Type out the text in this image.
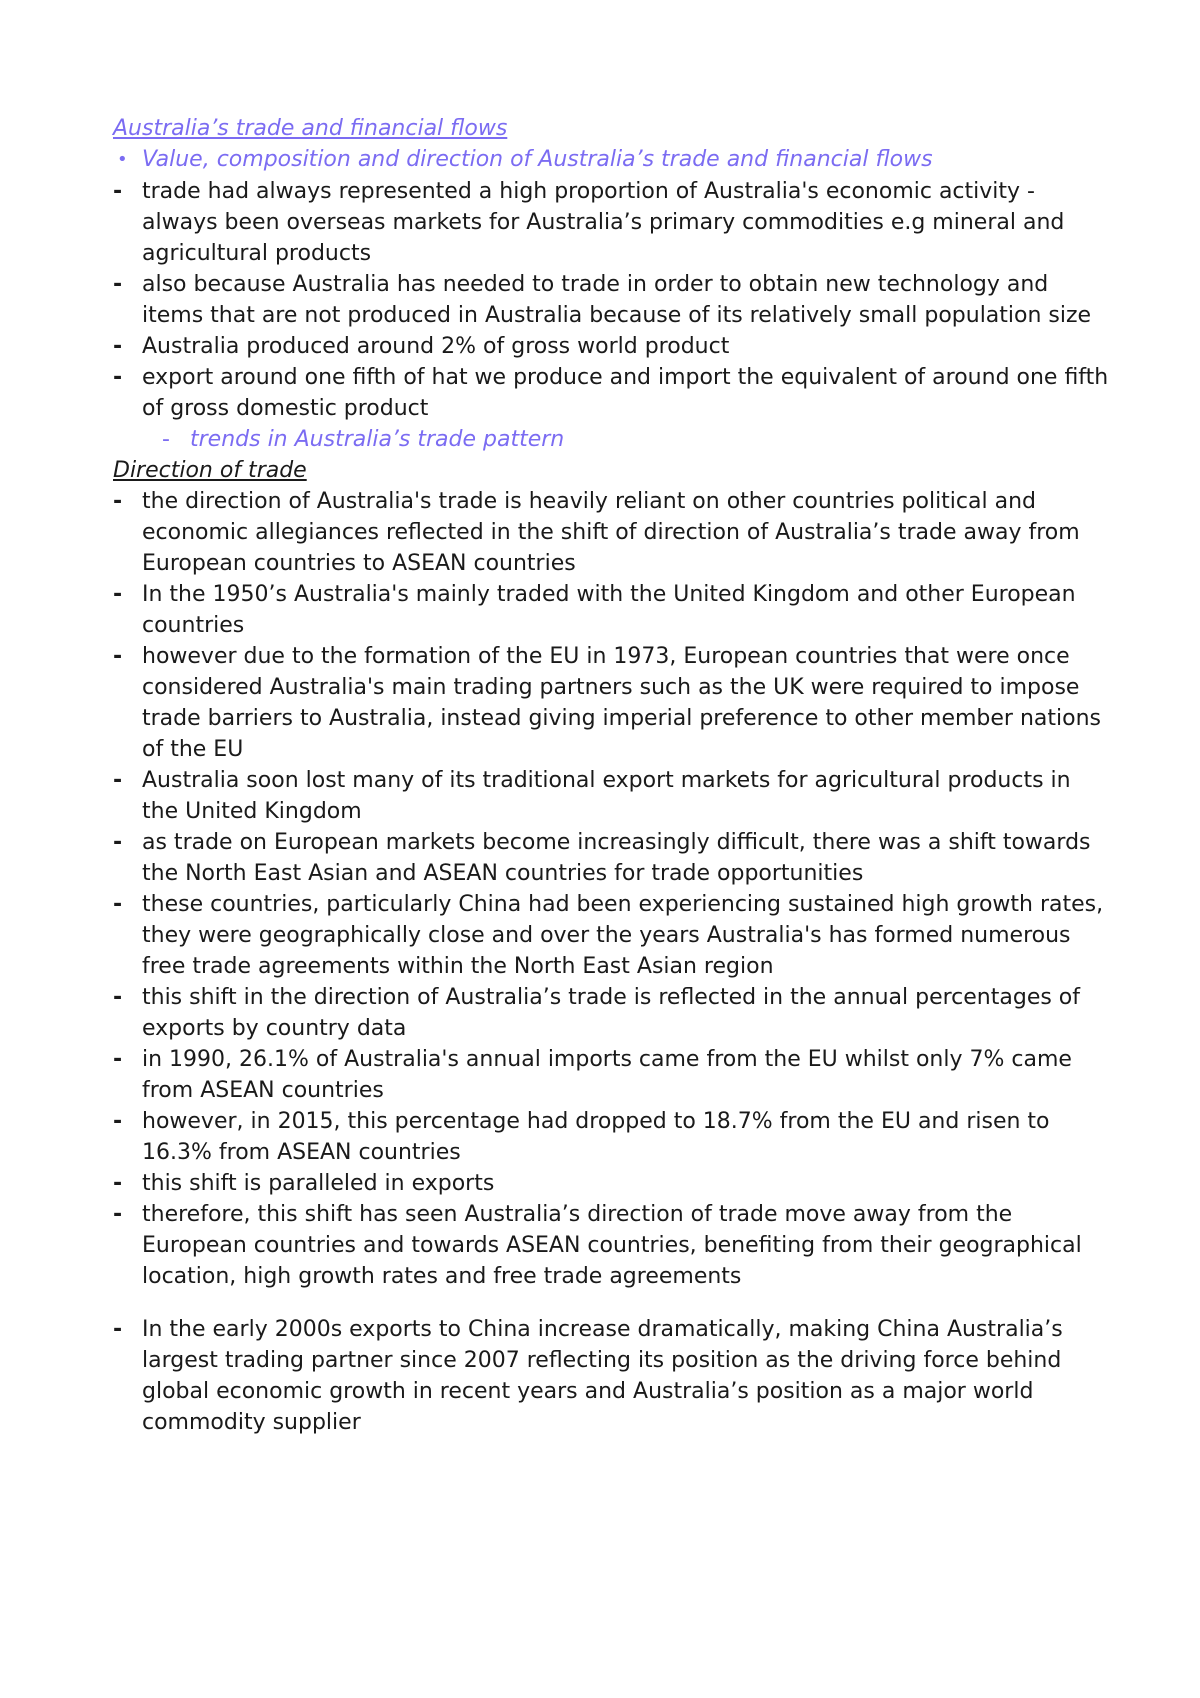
Australia’s trade and financial flows
• Value, composition and direction of Australia’s trade and financial flows
- trade had always represented a high proportion of Australia's economic activity - always been overseas markets for Australia’s primary commodities e.g mineral and agricultural products
- also because Australia has needed to trade in order to obtain new technology and items that are not produced in Australia because of its relatively small population size
- Australia produced around 2% of gross world product
- export around one fifth of hat we produce and import the equivalent of around one fifth of gross domestic product
- trends in Australia’s trade pattern
Direction of trade
- the direction of Australia's trade is heavily reliant on other countries political and economic allegiances reflected in the shift of direction of Australia’s trade away from European countries to ASEAN countries
- In the 1950’s Australia's mainly traded with the United Kingdom and other European countries
- however due to the formation of the EU in 1973, European countries that were once considered Australia's main trading partners such as the UK were required to impose trade barriers to Australia, instead giving imperial preference to other member nations of the EU
- Australia soon lost many of its traditional export markets for agricultural products in the United Kingdom
- as trade on European markets become increasingly difficult, there was a shift towards the North East Asian and ASEAN countries for trade opportunities
- these countries, particularly China had been experiencing sustained high growth rates, they were geographically close and over the years Australia's has formed numerous free trade agreements within the North East Asian region
- this shift in the direction of Australia’s trade is reflected in the annual percentages of exports by country data
- in 1990, 26.1% of Australia's annual imports came from the EU whilst only 7% came from ASEAN countries
- however, in 2015, this percentage had dropped to 18.7% from the EU and risen to 16.3% from ASEAN countries
- this shift is paralleled in exports
- therefore, this shift has seen Australia’s direction of trade move away from the European countries and towards ASEAN countries, benefiting from their geographical location, high growth rates and free trade agreements
- In the early 2000s exports to China increase dramatically, making China Australia’s largest trading partner since 2007 reflecting its position as the driving force behind global economic growth in recent years and Australia’s position as a major world commodity supplier
